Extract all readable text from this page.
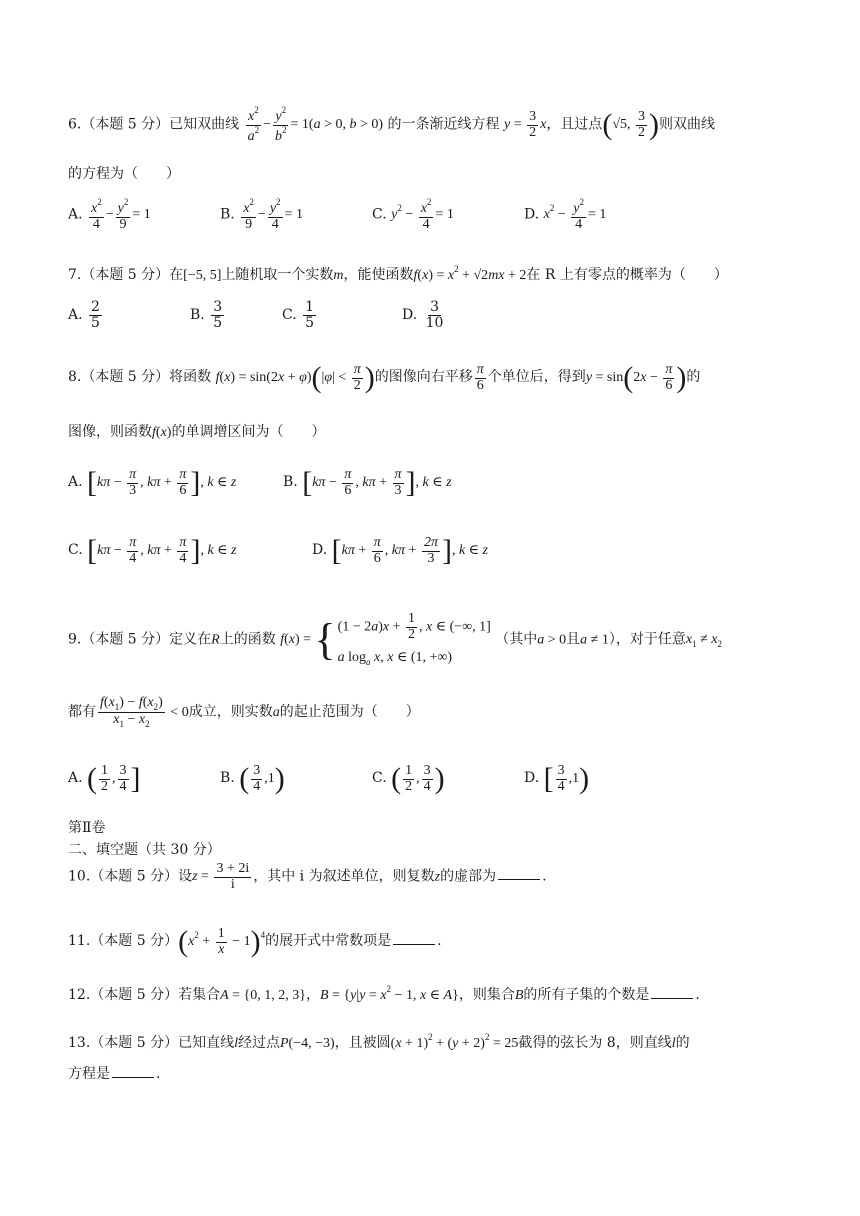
6.（本题 5 分）已知双曲线 $\frac{x^2}{a^2} - \frac{y^2}{b^2} = 1(a > 0$, b > 0) 的一条渐近线方程 $y = \frac{3}{2}$ x，且过点(√5, $\frac{3}{2}$ )则双曲线
的方程为（　　）
A. $\frac{x^2}{4} - \frac{y^2}{9} = 1$	B. $\frac{x^2}{9} - \frac{y^2}{4} = 1$	C. $y^2 - \frac{x^2}{4} = 1$	D. $x^2 - \frac{y^2}{4} = 1$
7.（本题 5 分）在[−5, 5]上随机取一个实数m，能使函数$f(x) = x^2 + √2mx + 2$在 R 上有零点的概率为（　　）
A. $\frac{2}{5}$	B. $\frac{3}{5}$	C. $\frac{1}{5}$	D. $\frac{3}{10}$
8.（本题 5 分）将函数 $f(x) = \sin(2x + \varphi)(|\varphi| < \frac{\pi}{2}$ )的图像向右平移 $\frac{\pi}{6}$ 个单位后，得到$y = \sin(2x - \frac{\pi}{6}$ )的
图像，则函数f(x)的单调增区间为（　　）
A. [$k\pi - \frac{\pi}{3}$ , $k\pi + \frac{\pi}{6}$ ], k ∈ z	B. [$k\pi - \frac{\pi}{6}$ , $k\pi + \frac{\pi}{3}$ ], k ∈ z
C. [$k\pi - \frac{\pi}{4}$ , $k\pi + \frac{\pi}{4}$ ], k ∈ z	D. [$k\pi + \frac{\pi}{6}$ , $k\pi + \frac{2\pi}{3}$ ], k ∈ z
9.（本题 5 分）定义在R上的函数 f(x) = { $(1 - 2a)x + \frac{1}{2}$ , x ∈ (−∞, 1]
a $\log_a x$, x ∈ (1, +∞)
（其中a > 0且a ≠ 1），对于任意$x_1 \ne x_2$
都有 $\frac{f(x_1) - f(x_2)}{x_1 - x_2} < 0$成立，则实数a的起止范围为（　　）
A. ( $\frac{1}{2}$ , $\frac{3}{4}$ ]	B. ( $\frac{3}{4} ,1$)	C. ( $\frac{1}{2}$ , $\frac{3}{4}$ )	D. [ $\frac{3}{4} ,1$)
第Ⅱ卷
二、填空题（共 30 分）
10.（本题 5 分）设$z = \frac{3 + 2i}{i}$ ，其中 i 为叙述单位，则复数z的虚部为	.
11.（本题 5 分）$(x^2 + \frac{1}{x} - 1)^4$的展开式中常数项是	.
12.（本题 5 分）若集合A = {0, 1, 2, 3}，$B = \{y|y = x^2 - 1$, x ∈ A}，则集合B的所有子集的个数是	.
13.（本题 5 分）已知直线l经过点P(−4, −3)，且被圆$(x + 1)^2 + (y + 2)^2 = 25$截得的弦长为 8，则直线l的
方程是	.
